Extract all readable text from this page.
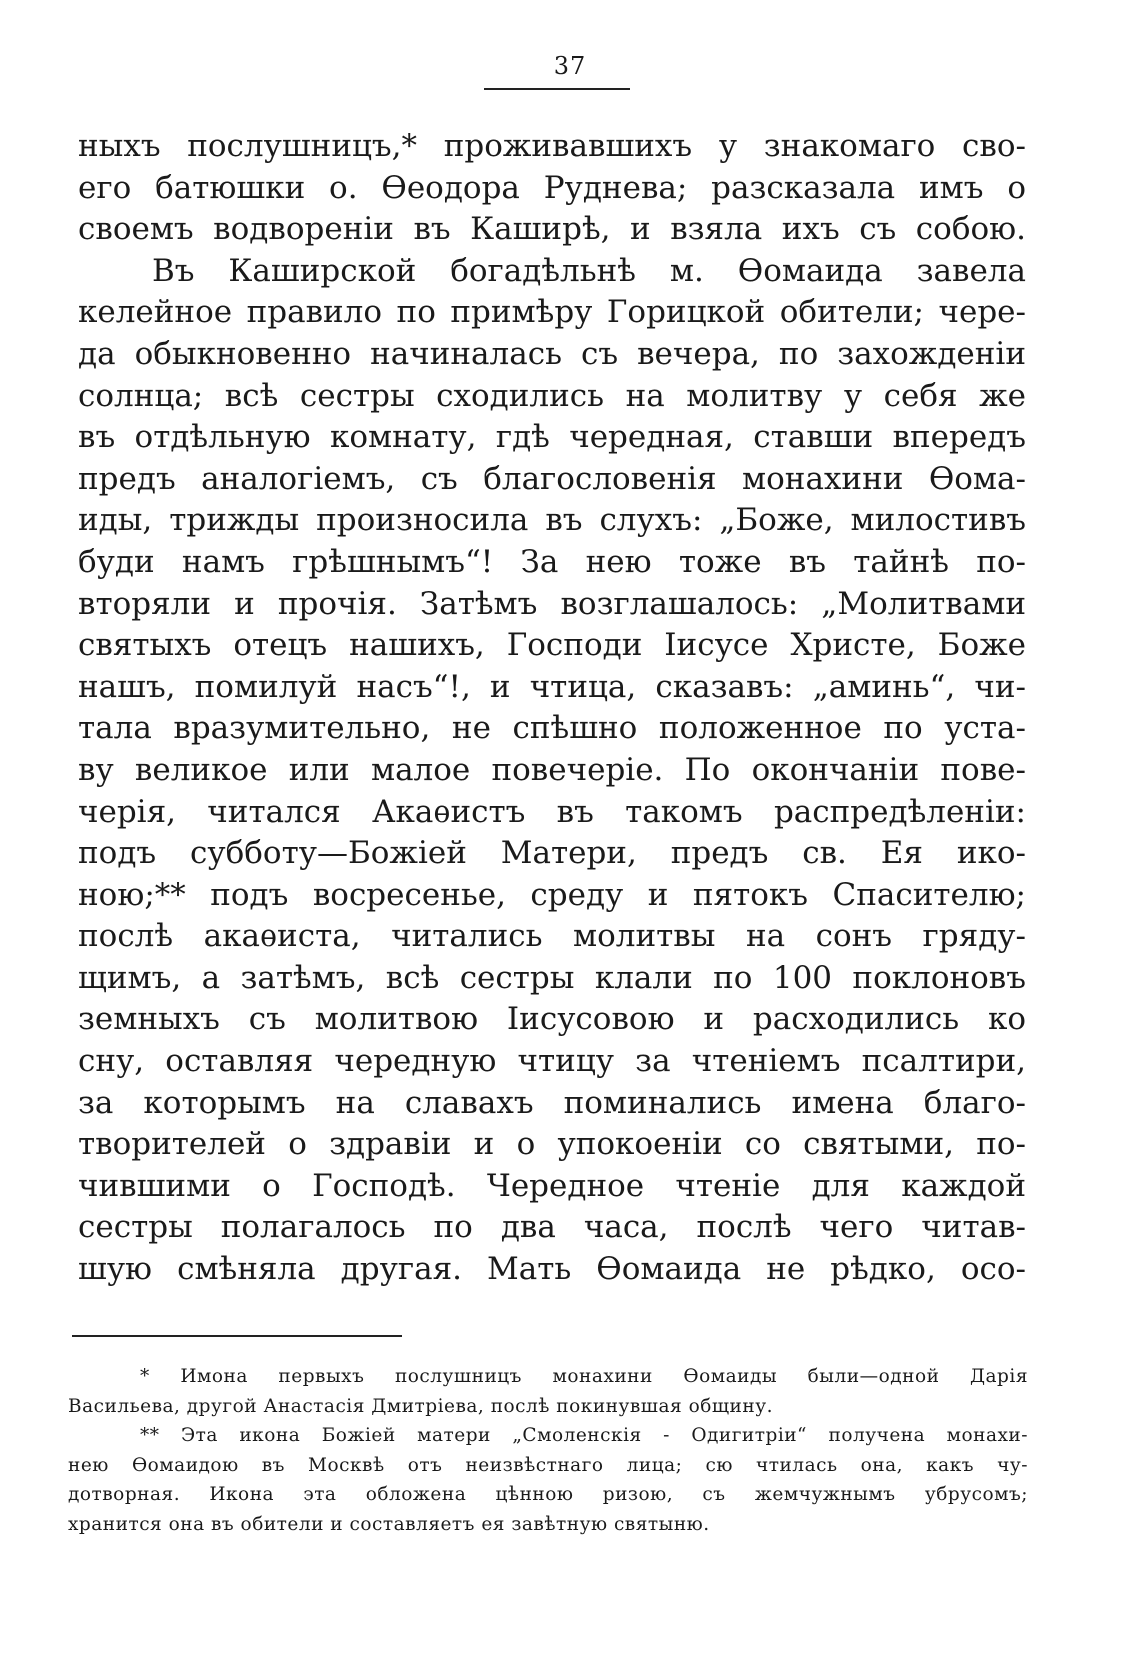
37
ныхъ послушницъ,* проживавшихъ у знакомаго сво-
его батюшки о. Ѳеодора Руднева; разсказала имъ о
своемъ водвореніи въ Каширѣ, и взяла ихъ съ собою.
Въ Каширской богадѣльнѣ м. Ѳомаида завела
келейное правило по примѣру Горицкой обители; чере-
да обыкновенно начиналась съ вечера, по захожденіи
солнца; всѣ сестры сходились на молитву у себя же
въ отдѣльную комнату, гдѣ чередная, ставши впередъ
предъ аналогіемъ, съ благословенія монахини Ѳома-
иды, трижды произносила въ слухъ: „Боже, милостивъ
буди намъ грѣшнымъ“! За нею тоже въ тайнѣ по-
вторяли и прочія. Затѣмъ возглашалось: „Молитвами
святыхъ отецъ нашихъ, Господи Іисусе Христе, Боже
нашъ, помилуй насъ“!, и чтица, сказавъ: „аминь“, чи-
тала вразумительно, не спѣшно положенное по уста-
ву великое или малое повечеріе. По окончаніи пове-
черія, читался Акаѳистъ въ такомъ распредѣленіи:
подъ субботу—Божіей Матери, предъ св. Ея ико-
ною;** подъ восресенье, среду и пятокъ Спасителю;
послѣ акаѳиста, читались молитвы на сонъ гряду-
щимъ, а затѣмъ, всѣ сестры клали по 100 поклоновъ
земныхъ съ молитвою Іисусовою и расходились ко
сну, оставляя чередную чтицу за чтеніемъ псалтири,
за которымъ на славахъ поминались имена благо-
творителей о здравіи и о упокоеніи со святыми, по-
чившими о Господѣ. Чередное чтеніе для каждой
сестры полагалось по два часа, послѣ чего читав-
шую смѣняла другая. Мать Ѳомаида не рѣдко, осо-
* Имона первыхъ послушницъ монахини Ѳомаиды были—одной Дарія
Васильева, другой Анастасія Дмитріева, послѣ покинувшая общину.
** Эта икона Божіей матери „Смоленскія - Одигитріи“ получена монахи-
нею Ѳомаидою въ Москвѣ отъ неизвѣстнаго лица; сю чтилась она, какъ чу-
дотворная. Икона эта обложена цѣнною ризою, съ жемчужнымъ убрусомъ;
хранится она въ обители и составляетъ ея завѣтную святыню.
